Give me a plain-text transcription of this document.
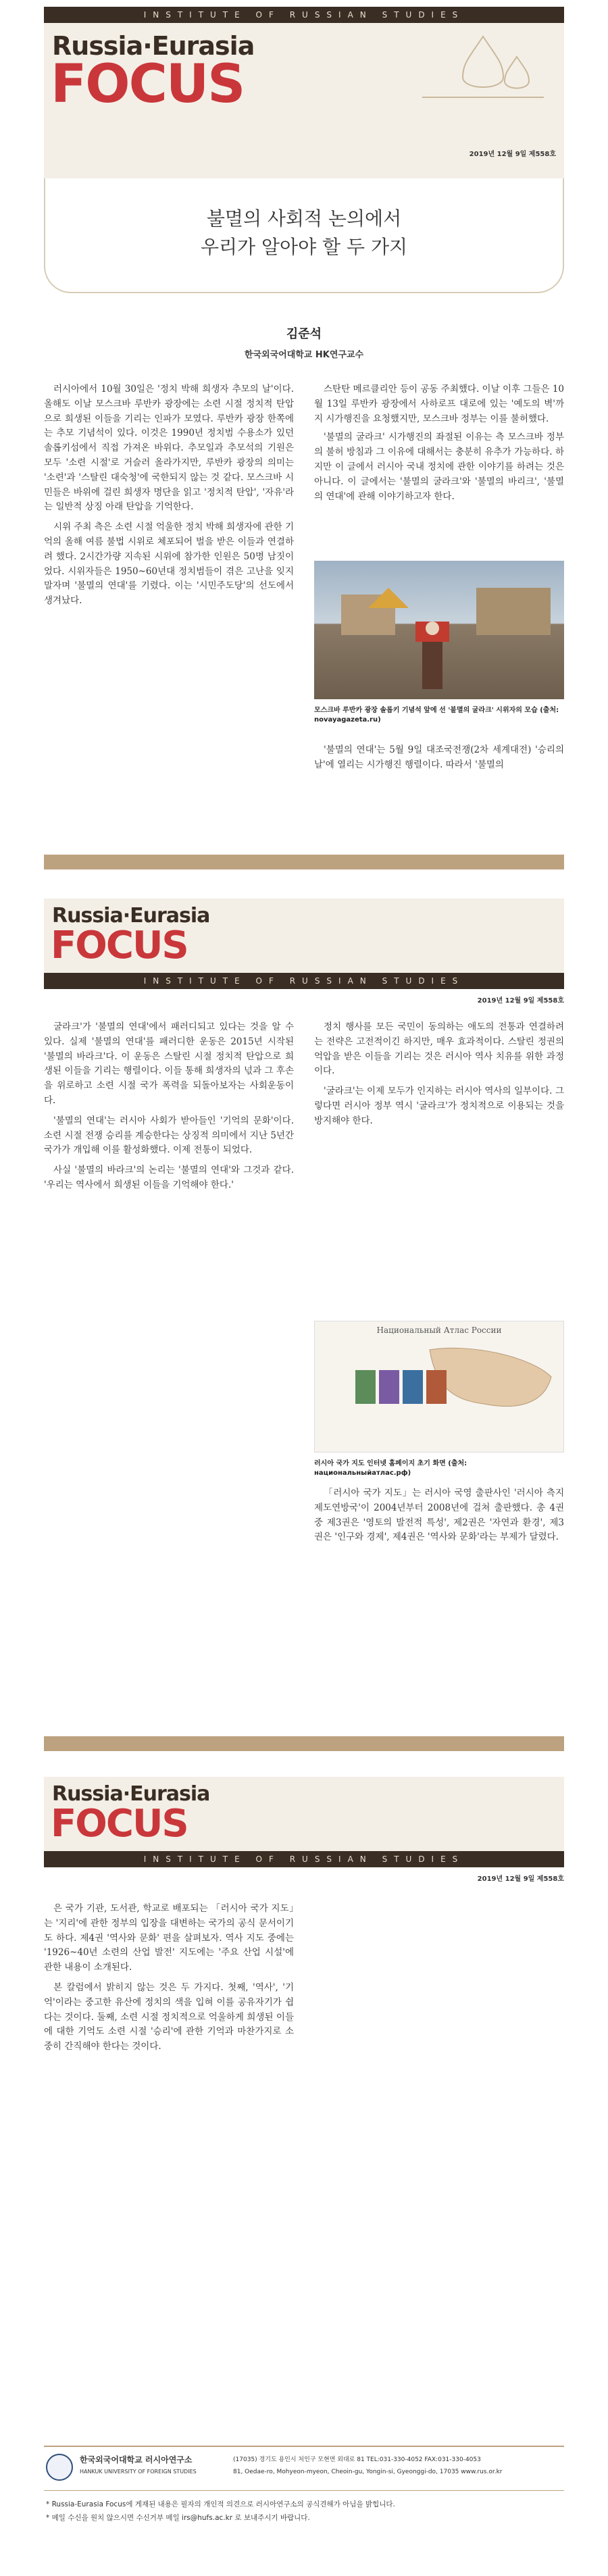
INSTITUTE OF RUSSIAN STUDIES
Russia·Eurasia
FOCUS
2019년 12월 9일 제558호
불멸의 사회적 논의에서
우리가 알아야 할 두 가지
김준석
한국외국어대학교 HK연구교수

러시아에서 10월 30일은 '정치 박해 희생자 추모의 날'이다. 올해도 이날 모스크바 루반카 광장에는 소련 시절 정치적 탄압으로 희생된 이들을 기리는 인파가 모였다. 루반카 광장 한쪽에는 추모 기념석이 있다. 이것은 1990년 정치범 수용소가 있던 솔롭키섬에서 직접 가져온 바위다. 추모일과 추모석의 기원은 모두 '소련 시절'로 거슬러 올라가지만, 루반카 광장의 의미는 '소련'과 '스탈린 대숙청'에 국한되지 않는 것 같다. 모스크바 시민들은 바위에 걸린 희생자 명단을 읽고 '정치적 탄압', '자유'라는 일반적 상징 아래 탄압을 기억한다.

시위 주최 측은 소련 시절 억울한 정치 박해 희생자에 관한 기억의 올해 여름 불법 시위로 체포되어 벌을 받은 이들과 연결하려 했다. 2시간가량 지속된 시위에 참가한 인원은 50명 남짓이었다. 시위자들은 1950~60년대 정치범들이 겪은 고난을 잊지 말자며 '불멸의 연대'를 기렸다. 이는 '시민주도당'의 선도에서 생겨났다.

스탄탄 메르클리안 등이 공동 주최했다. 이날 이후 그들은 10월 13일 루반카 광장에서 사하로프 대로에 있는 '예도의 벽'까지 시가행진을 요청했지만, 모스크바 정부는 이를 불허했다.

'불멸의 굴라크' 시가행진의 좌절된 이유는 측 모스크바 정부의 불허 방침과 그 이유에 대해서는 충분히 유추가 가능하다. 하지만 이 글에서 러시아 국내 정치에 관한 이야기를 하려는 것은 아니다. 이 글에서는 '불멸의 굴라크'와 '불멸의 바리크', '불멸의 연대'에 관해 이야기하고자 한다.

모스크바 루반카 광장 솔롭키 기념석 앞에 선 '불멸의 굴라크' 시위자의 모습 (출처: novayagazeta.ru)

'불멸의 연대'는 5월 9일 대조국전쟁(2차 세계대전) '승리의 날'에 열리는 시가행진 행렬이다. 따라서 '불멸의

Russia·Eurasia
FOCUS
INSTITUTE OF RUSSIAN STUDIES
2019년 12월 9일 제558호

굴라크'가 '불멸의 연대'에서 패러디되고 있다는 것을 알 수 있다. 실제 '불멸의 연대'를 패러디한 운동은 2015년 시작된 '불멸의 바라크'다. 이 운동은 스탈린 시절 정치적 탄압으로 희생된 이들을 기리는 행렬이다. 이들 통해 희생자의 넋과 그 후손을 위로하고 소련 시절 국가 폭력을 되돌아보자는 사회운동이다.

'불멸의 연대'는 러시아 사회가 받아들인 '기억의 문화'이다. 소련 시절 전쟁 승리를 계승한다는 상징적 의미에서 지난 5년간 국가가 개입해 이를 활성화했다. 이제 전통이 되었다.

사실 '불멸의 바라크'의 논리는 '불멸의 연대'와 그것과 같다. '우리는 역사에서 희생된 이들을 기억해야 한다.'

정치 행사를 모든 국민이 동의하는 애도의 전통과 연결하려는 전략은 고전적이긴 하지만, 매우 효과적이다. 스탈린 정권의 억압을 받은 이들을 기리는 것은 러시아 역사 치유를 위한 과정이다.

'굴라크'는 이제 모두가 인지하는 러시아 역사의 일부이다. 그렇다면 러시아 정부 역시 '굴라크'가 정치적으로 이용되는 것을 방지해야 한다.

Национальный Атлас России
러시아 국가 지도 인터넷 홈페이지 초기 화면 (출처: национальныйатлас.рф)

「러시아 국가 지도」는 러시아 국영 출판사인 '러시아 측지 제도연방국'이 2004년부터 2008년에 걸쳐 출판했다. 총 4권 중 제3권은 '영토의 발전적 특성', 제2권은 '자연과 환경', 제3권은 '인구와 경제', 제4권은 '역사와 문화'라는 부제가 달렸다.

Russia·Eurasia
FOCUS
INSTITUTE OF RUSSIAN STUDIES
2019년 12월 9일 제558호

은 국가 기관, 도서관, 학교로 배포되는 「러시아 국가 지도」는 '지리'에 관한 정부의 입장을 대변하는 국가의 공식 문서이기도 하다. 제4권 '역사와 문화' 편을 살펴보자. 역사 지도 중에는 '1926~40년 소련의 산업 발전' 지도에는 '주요 산업 시설'에 관한 내용이 소개된다.

본 칼럼에서 밝히지 않는 것은 두 가지다. 첫째, '역사', '기억'이라는 중고한 유산에 정치의 색을 입혀 이를 공유자기가 쉽다는 것이다. 둘째, 소련 시절 정치적으로 억울하게 희생된 이들에 대한 기억도 소련 시절 '승리'에 관한 기억과 마찬가지로 소중히 간직해야 한다는 것이다.

한국외국어대학교 러시아연구소
HANKUK UNIVERSITY OF FOREIGN STUDIES
(17035) 경기도 용인시 처인구 모현면 외대로 81 TEL:031-330-4052 FAX:031-330-4053
81, Oedae-ro, Mohyeon-myeon, Cheoin-gu, Yongin-si, Gyeonggi-do, 17035 www.rus.or.kr
* Russia-Eurasia Focus에 게재된 내용은 필자의 개인적 의견으로 러시아연구소의 공식견해가 아님을 밝힙니다.
* 메일 수신을 원치 않으시면 수신거부 메일 irs@hufs.ac.kr 로 보내주시기 바랍니다.
